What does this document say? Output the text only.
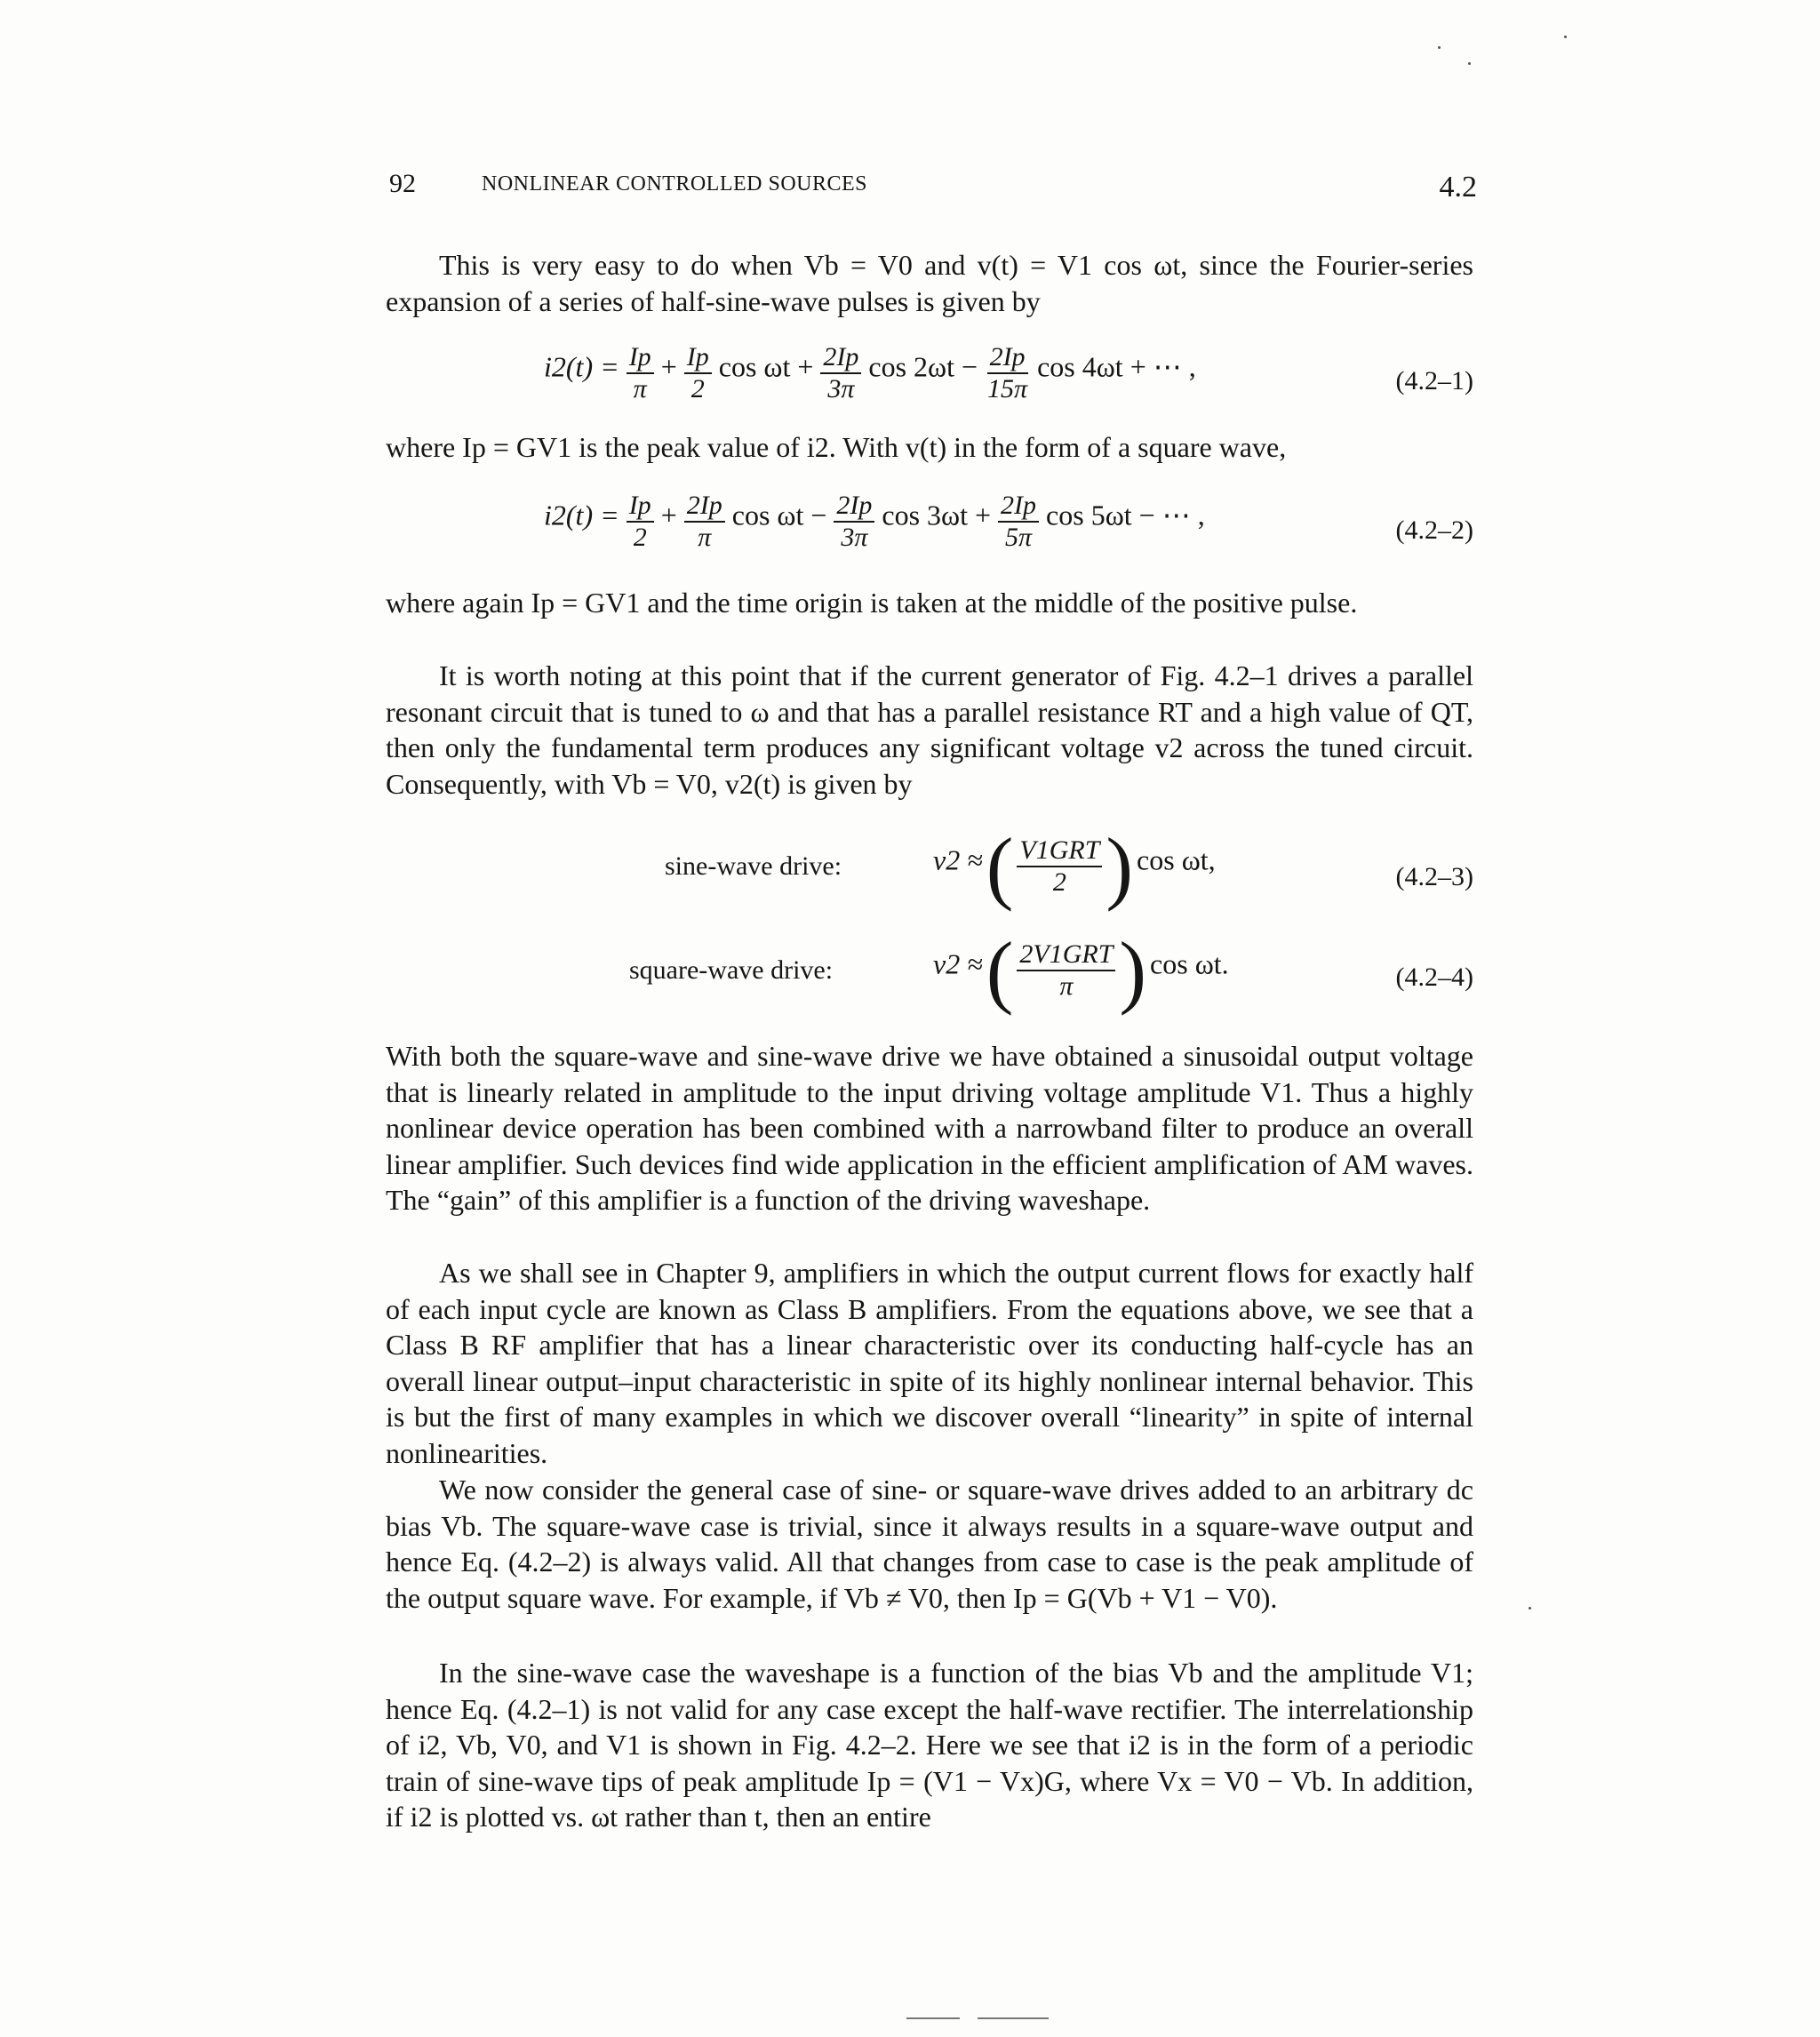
92	NONLINEAR CONTROLLED SOURCES	4.2

This is very easy to do when Vb = V0 and v(t) = V1 cos ωt, since the Fourier-series expansion of a series of half-sine-wave pulses is given by

$i2(t) = \frac{Ip}{\pi} + \frac{Ip}{2}$ $\cos \omega t + \frac{2Ip}{3\pi}$ $\cos 2\omega t - \frac{2Ip}{15\pi}$ cos 4ωt + ⋯ ,	(4.2–1)

where Ip = GV1 is the peak value of i2. With v(t) in the form of a square wave,

$i2(t) = \frac{Ip}{2} + \frac{2Ip}{\pi}$ $\cos \omega t - \frac{2Ip}{3\pi}$ $\cos 3\omega t + \frac{2Ip}{5\pi}$ cos 5ωt − ⋯ ,	(4.2–2)

where again Ip = GV1 and the time origin is taken at the middle of the positive pulse.

It is worth noting at this point that if the current generator of Fig. 4.2–1 drives a parallel resonant circuit that is tuned to ω and that has a parallel resistance RT and a high value of QT, then only the fundamental term produces any significant voltage v2 across the tuned circuit. Consequently, with Vb = V0, v2(t) is given by

sine-wave drive:	v2 ≈ ( $\frac{\text{V1GRT}}{2}$ ) cos ωt,
(4.2–3)
square-wave drive:	v2 ≈ ( $\frac{\text{2V1GRT}}{\pi}$ ) cos ωt.	(4.2–4)

With both the square-wave and sine-wave drive we have obtained a sinusoidal output voltage that is linearly related in amplitude to the input driving voltage amplitude V1. Thus a highly nonlinear device operation has been combined with a narrowband filter to produce an overall linear amplifier. Such devices find wide application in the efficient amplification of AM waves. The “gain” of this amplifier is a function of the driving waveshape.

As we shall see in Chapter 9, amplifiers in which the output current flows for exactly half of each input cycle are known as Class B amplifiers. From the equations above, we see that a Class B RF amplifier that has a linear characteristic over its conducting half-cycle has an overall linear output–input characteristic in spite of its highly nonlinear internal behavior. This is but the first of many examples in which we discover overall “linearity” in spite of internal nonlinearities.

We now consider the general case of sine- or square-wave drives added to an arbitrary dc bias Vb. The square-wave case is trivial, since it always results in a square-wave output and hence Eq. (4.2–2) is always valid. All that changes from case to case is the peak amplitude of the output square wave. For example, if Vb ≠ V0, then Ip = G(Vb + V1 − V0).

In the sine-wave case the waveshape is a function of the bias Vb and the amplitude V1; hence Eq. (4.2–1) is not valid for any case except the half-wave rectifier. The interrelationship of i2, Vb, V0, and V1 is shown in Fig. 4.2–2. Here we see that i2 is in the form of a periodic train of sine-wave tips of peak amplitude Ip = (V1 − Vx)G, where Vx = V0 − Vb. In addition, if i2 is plotted vs. ωt rather than t, then an entire
